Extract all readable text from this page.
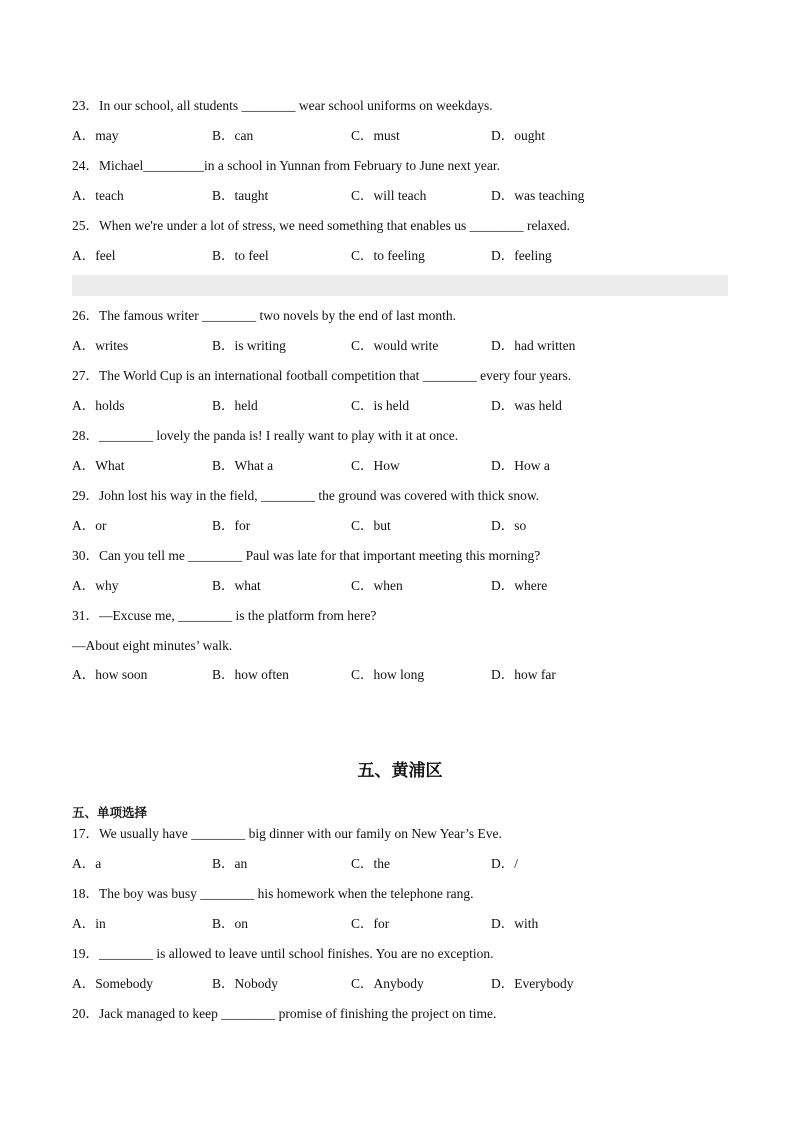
23．In our school, all students ________ wear school uniforms on weekdays.
A．may	B．can	C．must	D．ought
24．Michael_________in a school in Yunnan from February to June next year.
A．teach	B．taught	C．will teach	D．was teaching
25．When we're under a lot of stress, we need something that enables us ________ relaxed.
A．feel	B．to feel	C．to feeling	D．feeling
26．The famous writer ________ two novels by the end of last month.
A．writes	B．is writing	C．would write	D．had written
27．The World Cup is an international football competition that ________ every four years.
A．holds	B．held	C．is held	D．was held
28．________ lovely the panda is! I really want to play with it at once.
A．What	B．What a	C．How	D．How a
29．John lost his way in the field, ________ the ground was covered with thick snow.
A．or	B．for	C．but	D．so
30．Can you tell me ________ Paul was late for that important meeting this morning?
A．why	B．what	C．when	D．where
31．—Excuse me, ________ is the platform from here?
—About eight minutes’ walk.
A．how soon	B．how often	C．how long	D．how far
五、黄浦区
五、单项选择
17．We usually have ________ big dinner with our family on New Year’s Eve.
A．a	B．an	C．the	D．/
18．The boy was busy ________ his homework when the telephone rang.
A．in	B．on	C．for	D．with
19．________ is allowed to leave until school finishes. You are no exception.
A．Somebody	B．Nobody	C．Anybody	D．Everybody
20．Jack managed to keep ________ promise of finishing the project on time.
